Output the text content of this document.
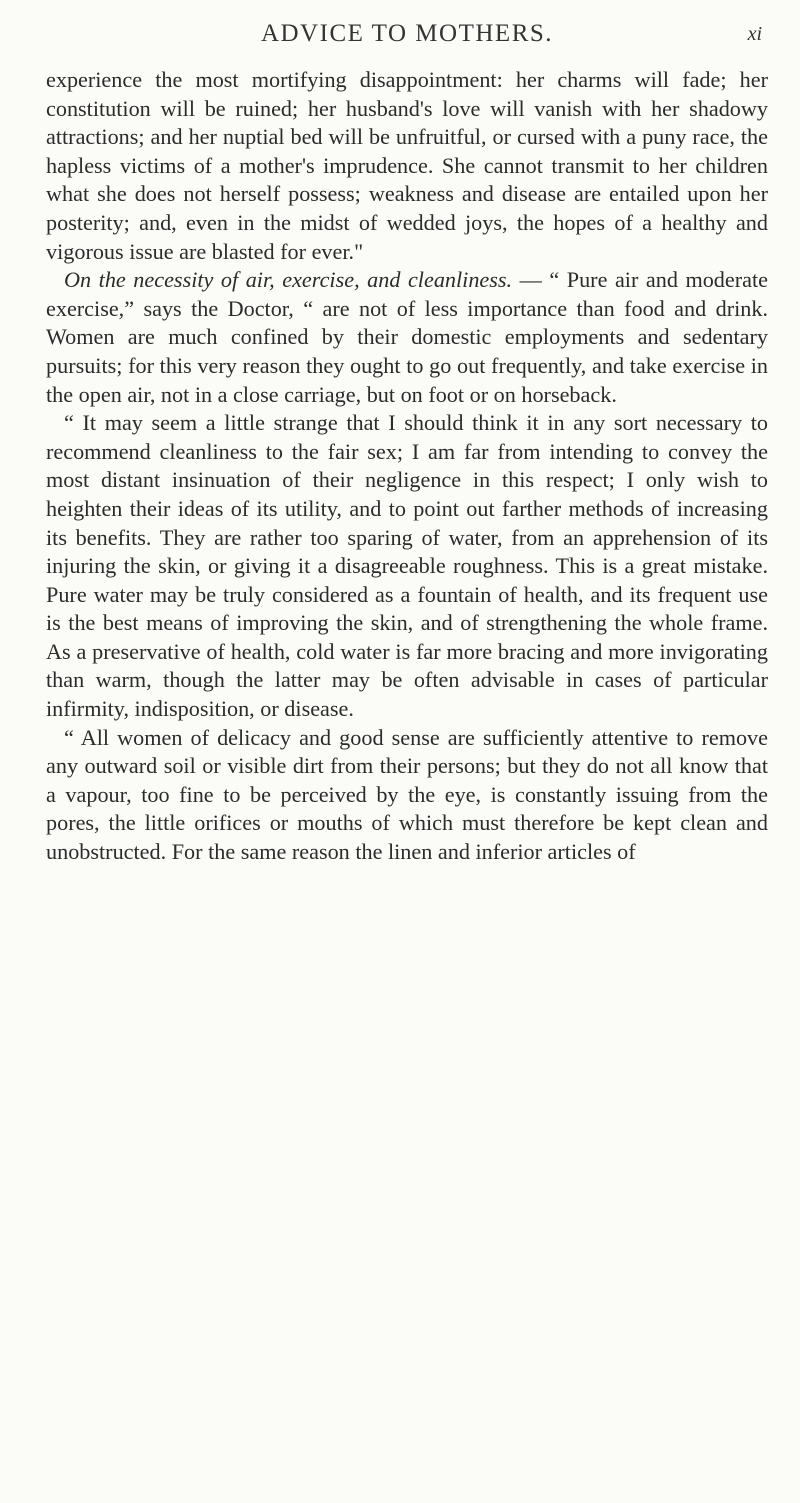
ADVICE TO MOTHERS.	xi

experience the most mortifying disappointment: her charms will fade; her constitution will be ruined; her husband's love will vanish with her shadowy attractions; and her nuptial bed will be unfruitful, or cursed with a puny race, the hapless victims of a mother's imprudence. She cannot transmit to her children what she does not herself possess; weakness and disease are entailed upon her posterity; and, even in the midst of wedded joys, the hopes of a healthy and vigorous issue are blasted for ever."

On the necessity of air, exercise, and cleanliness. — “ Pure air and moderate exercise,” says the Doctor, “ are not of less importance than food and drink. Women are much confined by their domestic employments and sedentary pursuits; for this very reason they ought to go out frequently, and take exercise in the open air, not in a close carriage, but on foot or on horseback.

“ It may seem a little strange that I should think it in any sort necessary to recommend cleanliness to the fair sex; I am far from intending to convey the most distant insinuation of their negligence in this respect; I only wish to heighten their ideas of its utility, and to point out farther methods of increasing its benefits. They are rather too sparing of water, from an apprehension of its injuring the skin, or giving it a disagreeable roughness. This is a great mistake. Pure water may be truly considered as a fountain of health, and its frequent use is the best means of improving the skin, and of strengthening the whole frame. As a preservative of health, cold water is far more bracing and more invigorating than warm, though the latter may be often advisable in cases of particular infirmity, indisposition, or disease.

“ All women of delicacy and good sense are sufficiently attentive to remove any outward soil or visible dirt from their persons; but they do not all know that a vapour, too fine to be perceived by the eye, is constantly issuing from the pores, the little orifices or mouths of which must therefore be kept clean and unobstructed. For the same reason the linen and inferior articles of
